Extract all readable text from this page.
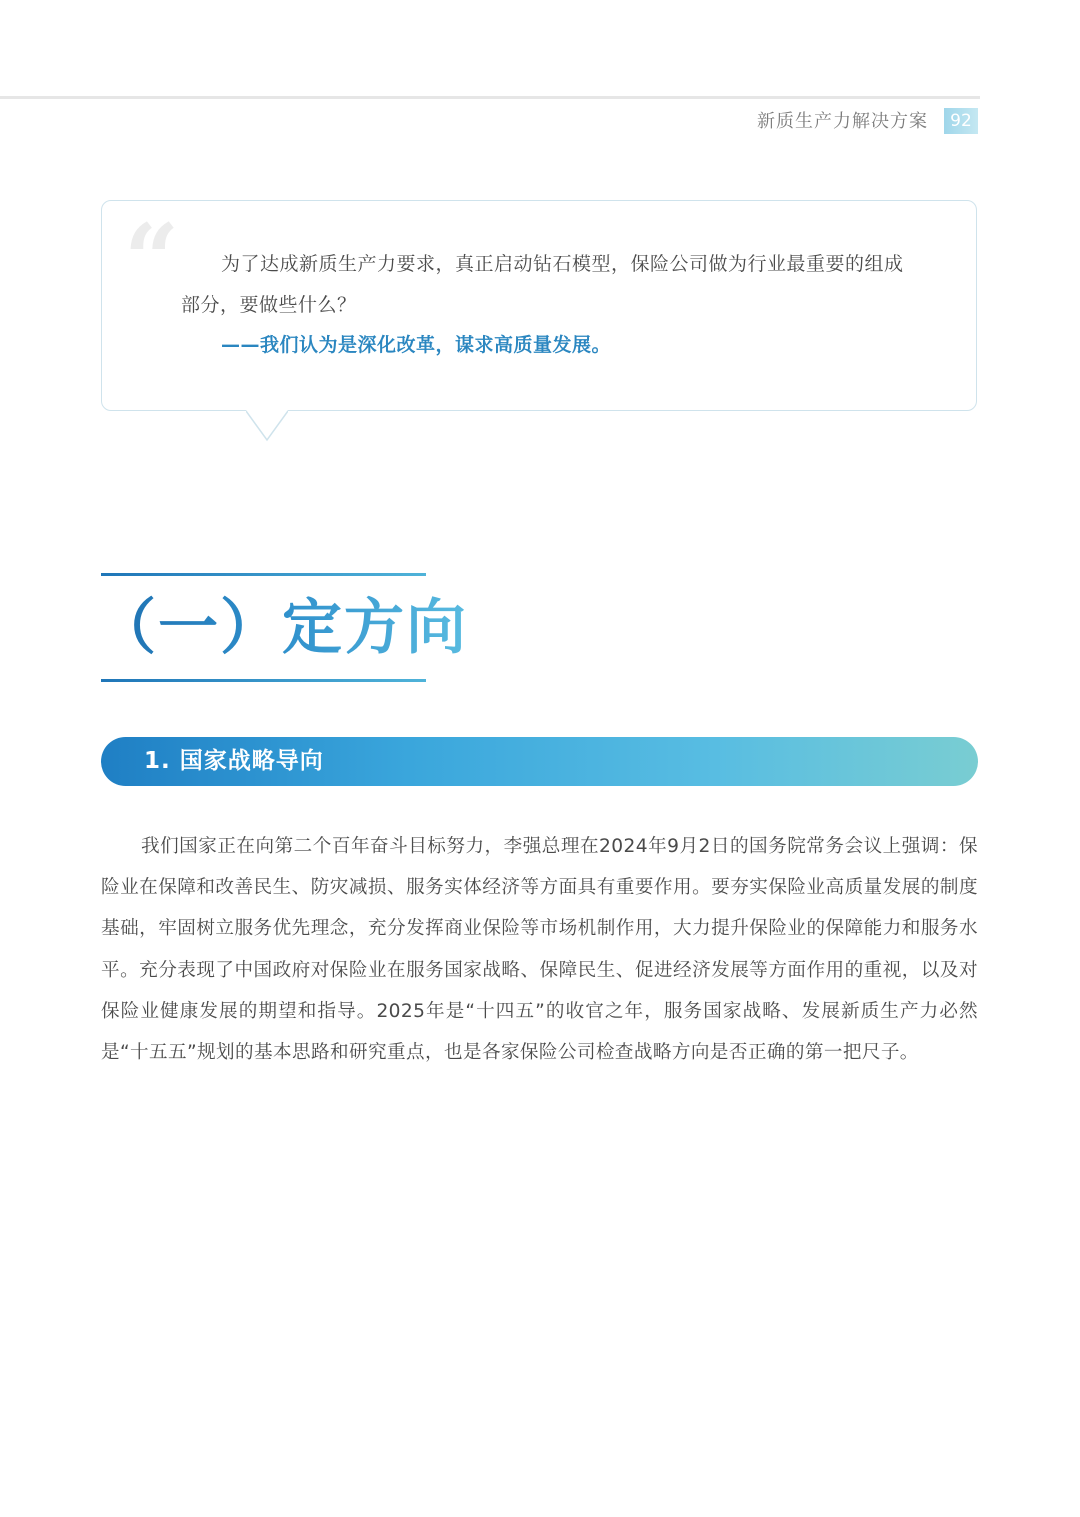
新质生产力解决方案	92
“	为了达成新质生产力要求，真正启动钻石模型，保险公司做为行业最重要的组成部分，要做些什么？
——我们认为是深化改革，谋求高质量发展。
（一）定方向
1. 国家战略导向

我们国家正在向第二个百年奋斗目标努力，李强总理在2024年9月2日的国务院常务会议上强调：保险业在保障和改善民生、防灾减损、服务实体经济等方面具有重要作用。要夯实保险业高质量发展的制度基础，牢固树立服务优先理念，充分发挥商业保险等市场机制作用，大力提升保险业的保障能力和服务水平。充分表现了中国政府对保险业在服务国家战略、保障民生、促进经济发展等方面作用的重视，以及对保险业健康发展的期望和指导。2025年是“十四五”的收官之年，服务国家战略、发展新质生产力必然是“十五五”规划的基本思路和研究重点，也是各家保险公司检查战略方向是否正确的第一把尺子。
